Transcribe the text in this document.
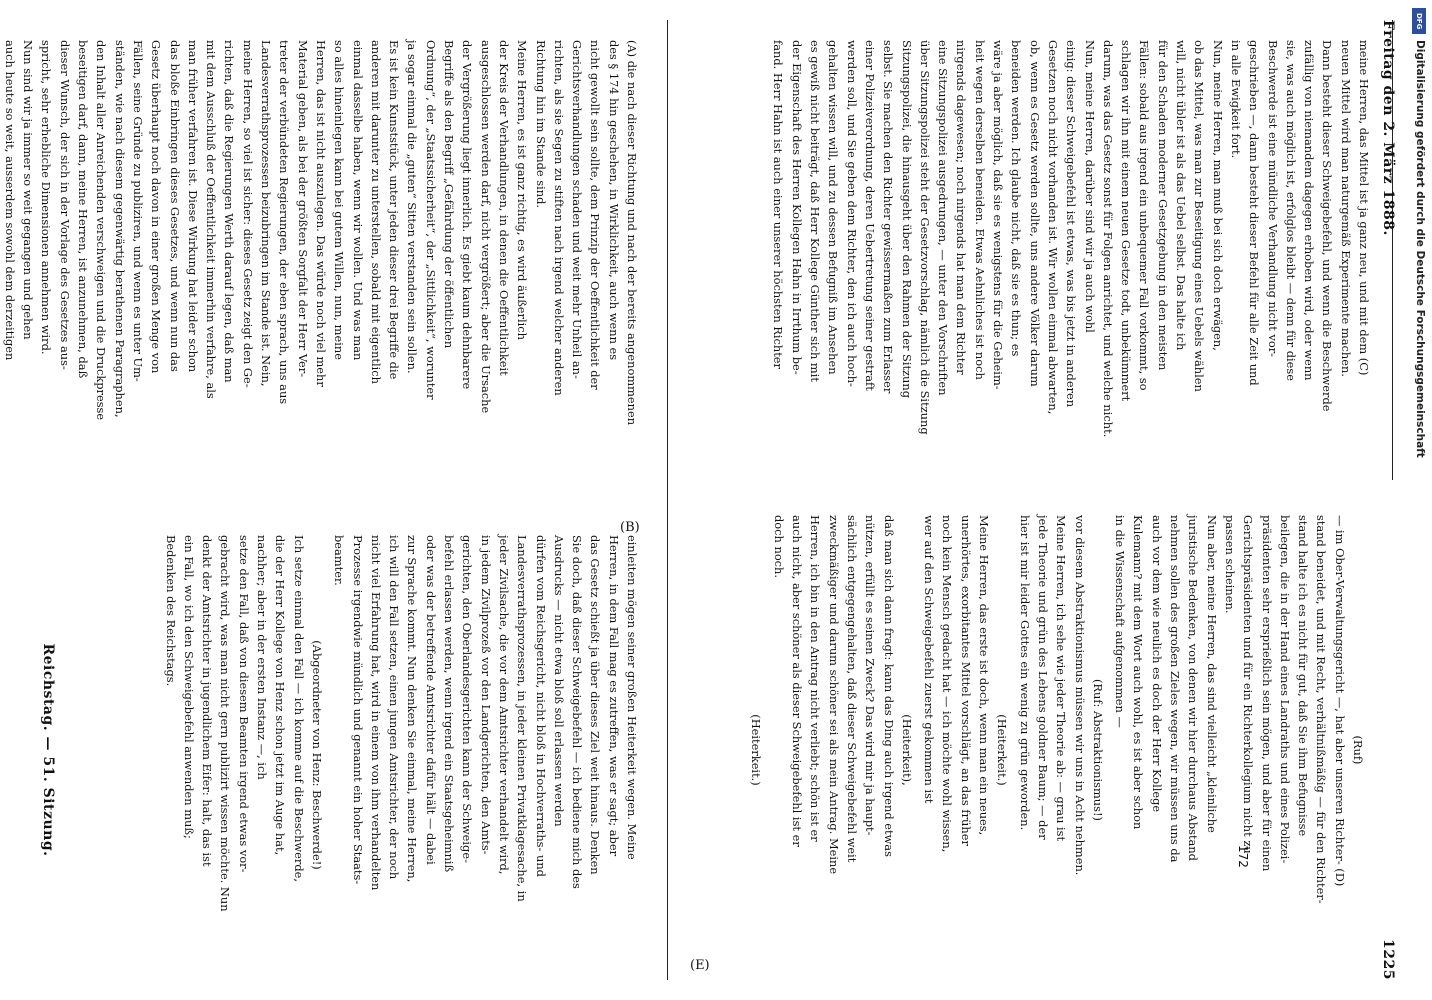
Freitag den 2. März 1888.
1225

meine Herren, das Mittel ist ja ganz neu, und mit dem (C)

neuen Mittel wird man naturgemäß Experimente machen.

Dann besteht dieser Schweigebefehl, und wenn die Beschwerde

zufällig von niemandem dagegen erhoben wird, oder wenn

sie, was auch möglich ist, erfolglos bleibt — denn für diese

Beschwerde ist eine mündliche Verhandlung nicht vor-

geschrieben —, dann besteht dieser Befehl für alle Zeit und

in alle Ewigkeit fort.

Nun, meine Herren, man muß bei sich doch erwägen,

ob das Mittel, was man zur Beseitigung eines Uebels wählen

will, nicht übler ist als das Uebel selbst. Das halte ich

für den Schaden moderner Gesetzgebung in den meisten

Fällen: sobald aus irgend ein unbequemer Fall vorkommt, so

schlagen wir ihn mit einem neuen Gesetze todt, unbekümmert

darum, was das Gesetz sonst für Folgen anrichtet, und welche nicht.

Nun, meine Herren, darüber sind wir ja auch wohl

einig: dieser Schweigebefehl ist etwas, was bis jetzt in anderen

Gesetzen noch nicht vorhanden ist. Wir wollen einmal abwarten,

ob, wenn es Gesetz werden sollte, uns andere Völker darum

beneiden werden. Ich glaube nicht, daß sie es thun; es

wäre ja aber möglich, daß sie es wenigstens für die Geheim-

heit wegen derselben beneiden. Etwas Aehnliches ist noch

nirgends dagewesen; noch nirgends hat man dem Richter

eine Sitzungspolizei ausgedrungen, — unter den Vorschriften

über Sitzungspolizei steht der Gesetzvorschlag, nämlich die Sitzung

Sitzungspolizei, die hinausgeht über den Rahmen der Sitzung

selbst. Sie machen den Richter gewissermaßen zum Erlasser

einer Polizeiverordnung, deren Uebertretung seiner gestraft

werden soll, und Sie geben dem Richter, den ich auch hoch-

gehalten wissen will, und zu dessen Befugniß im Ansehen

es gewiß nicht beiträgt, daß Herr Kollege Günther sich mit

der Eigenschaft des Herren Kollegen Hahn in Irrthum be-

fand. Herr Hahn ist auch einer unserer höchsten Richter

(Ruf)

— im Ober-Verwaltungsgericht —, hat aber unseren Richter- (D)

stand beneidet, und mit Recht, verhältnißmäßig — für den Richter-

stand halte ich es nicht für gut, daß Sie ihm Befugnisse

beilegen, die in der Hand eines Landraths und eines Polizei-

präsidenten sehr ersprießlich sein mögen, und aber für einen

Gerichtspräsidenten und für ein Richterkollegium nicht zu

passen scheinen.

Nun aber, meine Herren, das sind vielleicht „kleinliche

juristische Bedenken, von denen wir hier durchaus Abstand

nehmen sollen des großen Zieles wegen, wir müssen uns da

auch vor dem wie neulich es doch der Herr Kollege

Kulemann? mit dem Wort auch wohl, es ist aber schon

in die Wissenschaft aufgenommen —

(Ruf: Abstraktionismus!)

vor diesem Abstraktionismus müssen wir uns in Acht nehmen.

Meine Herren, ich sehe wie jeder Theorie ab: — grau ist

jede Theorie und grün des Lebens goldner Baum; — der

hier ist mir leider Gottes ein wenig zu grün geworden.

(Heiterkeit.)

Meine Herren, das erste ist doch, wenn man ein neues,

unerhörtes, exorbitantes Mittel vorschlägt, an das früher

noch kein Mensch gedacht hat — ich möchte wohl wissen,

wer auf den Schweigebefehl zuerst gekommen ist

(Heiterkeit),

daß man sich dann fragt: kann das Ding auch irgend etwas

nützen, erfüllt es seinen Zweck? Das wird mir ja haupt-

sächlich entgegengehalten, daß dieser Schweigebefehl weit

zweckmäßiger und darum schöner sei als mein Antrag. Meine

Herren, ich bin in den Antrag nicht verliebt; schön ist er

auch nicht, aber schöner als dieser Schweigebefehl ist er

doch noch.

(Heiterkeit.)

172
Reichstag. — 51. Sitzung.

(A) die nach dieser Richtung und nach der bereits angenommenen

des § 174 hin geschehen, in Wirklichkeit, auch wenn es

nicht gewollt sein sollte, dem Prinzip der Oeffentlichkeit der

Gerichtsverhandlungen schaden und weit mehr Unheil an-

richten, als sie Segen zu stiften nach irgend welcher anderen

Richtung hin im Stande sind.

Meine Herren, es ist ganz richtig, es wird äußerlich

der Kreis der Verhandlungen, in denen die Oeffentlichkeit

ausgeschlossen werden darf, nicht vergrößert; aber die Ursache

der Vergrößerung liegt innerlich. Es giebt kaum dehnbarere

Begriffe als den Begriff „Gefährdung der öffentlichen

Ordnung“, der „Staatssicherheit“, der „Sittlichkeit“, worunter

ja sogar einmal die „guten“ Sitten verstanden sein sollen.

Es ist kein Kunststück, unter jeden dieser drei Begriffe die

anderen mit darunter zu unterstellen, sobald mit eigentlich

einmal dasselbe haben, wenn wir wollen. Und was man

so alles hineinlegen kann bei gutem Willen, nun, meine

Herren, das ist nicht auszulegen. Das würde noch viel mehr

Material geben, als bei der größten Sorgfalt der Herr Ver-

treter der verbündeten Regierungen, der eben sprach, uns aus

Landesverrathsprozessen beizubringen im Stande ist. Nein,

meine Herren, so viel ist sicher: dieses Gesetz zeigt den Ge-

richten, daß die Regierungen Werth darauf legen, daß man

mit dem Ausschluß der Oeffentlichkeit immerhin verfahre, als

man früher verfahren ist. Diese Wirkung hat leider schon

das bloße Einbringen dieses Gesetzes, und wenn nun das

Gesetz überhaupt noch davon in einer großen Menge von

Fällen, seine Gründe zu publiziren, und wenn es unter Um-

ständen, wie nach diesem gegenwärtig berathenen Paragraphen,

den Inhalt aller Anreichenden verschweigen und die Druckpresse

beseitigen darf, dann, meine Herren, ist anzunehmen, daß

dieser Wunsch, der sich in der Vorlage des Gesetzes aus-

spricht, sehr erhebliche Dimensionen annehmen wird.

Nun sind wir ja immer so weit gegangen und gehen

auch heute so weit, ausserdem sowohl dem derzeitigen

einleiten mögen seiner großen Heiterkeit wegen. Meine

Herren, in dem Fall mag es zutreffen, was er sagt; aber

das Gesetz schießt ja über dieses Ziel weit hinaus. Denken

Sie doch, daß dieser Schweigebefehl — ich bediene mich des

Ausdrucks — nicht etwa bloß soll erlassen werden

dürfen vom Reichsgericht, nicht bloß in Hochverraths- und

Landesverrathsprozessen, in jeder kleinen Privatklagesache, in

jeder Zivilsache, die vor dem Amtsrichter verhandelt wird,

in jedem Zivilprozeß vor den Landgerichten, den Amts-

gerichten, den Oberlandesgerichten kann der Schweige-

befehl erlassen werden, wenn irgend ein Staatsgeheimniß

oder was der betreffende Amtsrichter dafür hält — dabei

zur Sprache kommt. Nun denken Sie einmal, meine Herren,

ich will den Fall setzen, einen jungen Amtsrichter, der noch

nicht viel Erfahrung hat, wird in einem von ihm verhandelten

Prozesse irgendwie mündlich und genannt ein hoher Staats-

beamter.

(Abgeordneter von Henz: Beschwerde!)

Ich setze einmal den Fall — ich komme auf die Beschwerde,

die der Herr Kollege von Henz schon jetzt im Auge hat,

nachher; aber in der ersten Instanz —, ich

setze den Fall, daß von diesem Beamten irgend etwas vor-

gebracht wird, was man nicht gern publizirt wissen möchte. Nun

denkt der Amtsrichter in jugendlichem Eifer: halt, das ist

ein Fall, wo ich den Schweigebefehl anwenden muß;

Bedenken des Reichstags.

(B)
(E)
DFG
Digitalisierung gefördert durch die Deutsche Forschungsgemeinschaft
